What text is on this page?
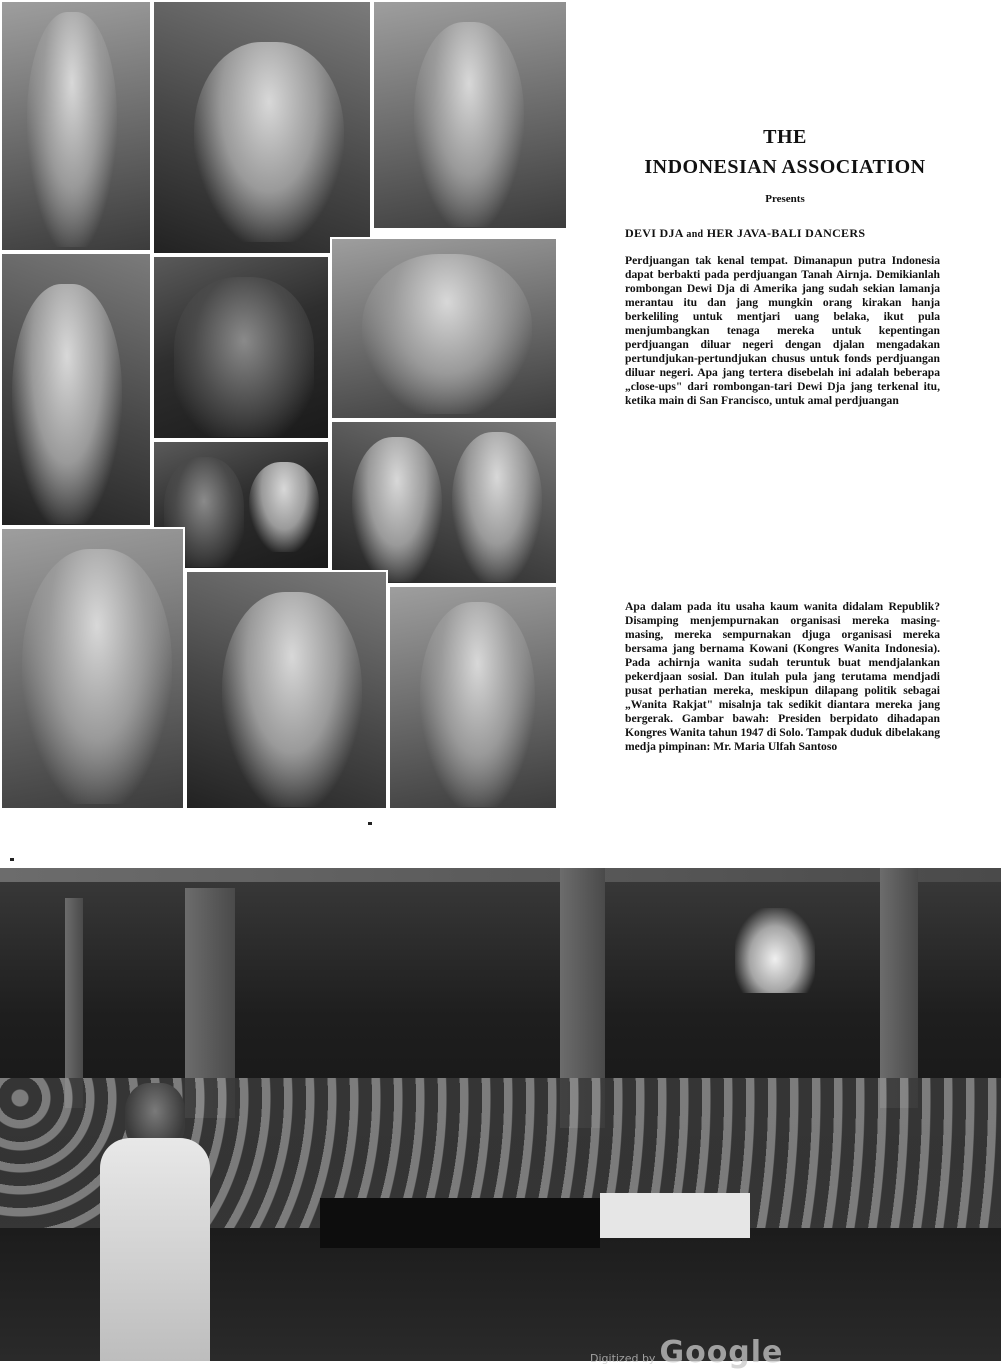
THE
INDONESIAN ASSOCIATION
Presents
DEVI DJA and HER JAVA-BALI DANCERS

Perdjuangan tak kenal tempat. Dimanapun putra Indonesia dapat berbakti pada perdjuangan Tanah Airnja. Demikianlah rombongan Dewi Dja di Amerika jang sudah sekian lamanja merantau itu dan jang mungkin orang kirakan hanja berkeliling untuk mentjari uang belaka, ikut pula menjumbangkan tenaga mereka untuk kepentingan perdjuangan diluar negeri dengan djalan mengadakan pertundjukan-pertundjukan chusus untuk fonds perdjuangan diluar negeri. Apa jang tertera disebelah ini adalah beberapa „close-ups" dari rombongan-tari Dewi Dja jang terkenal itu, ketika main di San Francisco, untuk amal perdjuangan

Apa dalam pada itu usaha kaum wanita didalam Republik? Disamping menjempurnakan organisasi mereka masing-masing, mereka sempurnakan djuga organisasi mereka bersama jang bernama Kowani (Kongres Wanita Indonesia). Pada achirnja wanita sudah teruntuk buat mendjalankan pekerdjaan sosial. Dan itulah pula jang terutama mendjadi pusat perhatian mereka, meskipun dilapang politik sebagai „Wanita Rakjat" misalnja tak sedikit diantara mereka jang bergerak. Gambar bawah: Presiden berpidato dihadapan Kongres Wanita tahun 1947 di Solo. Tampak duduk dibelakang medja pimpinan: Mr. Maria Ulfah Santoso

Digitized by Google
